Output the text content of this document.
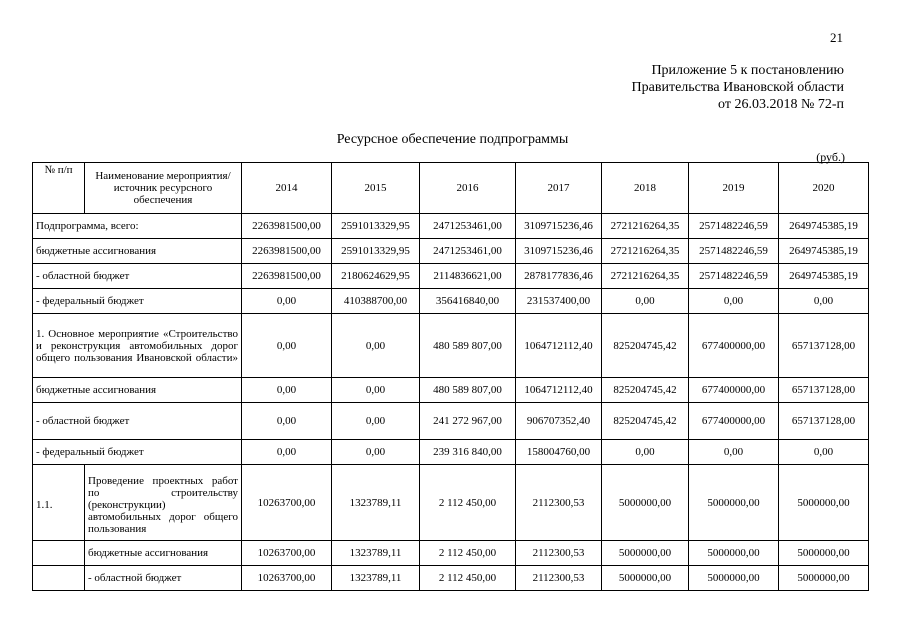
21
Приложение 5 к постановлению
Правительства Ивановской области
от 26.03.2018 № 72-п
Ресурсное обеспечение подпрограммы
(руб.)
№ п/п	Наименование мероприятия/источник ресурсного обеспечения	2014	2015	2016	2017	2018	2019	2020
Подпрограмма, всего:		2263981500,00	2591013329,95	2471253461,00	3109715236,46	2721216264,35	2571482246,59	2649745385,19
бюджетные ассигнования		2263981500,00	2591013329,95	2471253461,00	3109715236,46	2721216264,35	2571482246,59	2649745385,19
- областной бюджет		2263981500,00	2180624629,95	2114836621,00	2878177836,46	2721216264,35	2571482246,59	2649745385,19
- федеральный бюджет		0,00	410388700,00	356416840,00	231537400,00	0,00	0,00	0,00
1. Основное мероприятие «Строительство и реконструкция автомобильных дорог общего пользования Ивановской области»		0,00	0,00	480 589 807,00	1064712112,40	825204745,42	677400000,00	657137128,00
бюджетные ассигнования		0,00	0,00	480 589 807,00	1064712112,40	825204745,42	677400000,00	657137128,00
- областной бюджет		0,00	0,00	241 272 967,00	906707352,40	825204745,42	677400000,00	657137128,00
- федеральный бюджет		0,00	0,00	239 316 840,00	158004760,00	0,00	0,00	0,00
1.1.	Проведение проектных работ по строительству (реконструкции) автомобильных дорог общего пользования	10263700,00	1323789,11	2 112 450,00	2112300,53	5000000,00	5000000,00	5000000,00
	бюджетные ассигнования	10263700,00	1323789,11	2 112 450,00	2112300,53	5000000,00	5000000,00	5000000,00
	- областной бюджет	10263700,00	1323789,11	2 112 450,00	2112300,53	5000000,00	5000000,00	5000000,00
